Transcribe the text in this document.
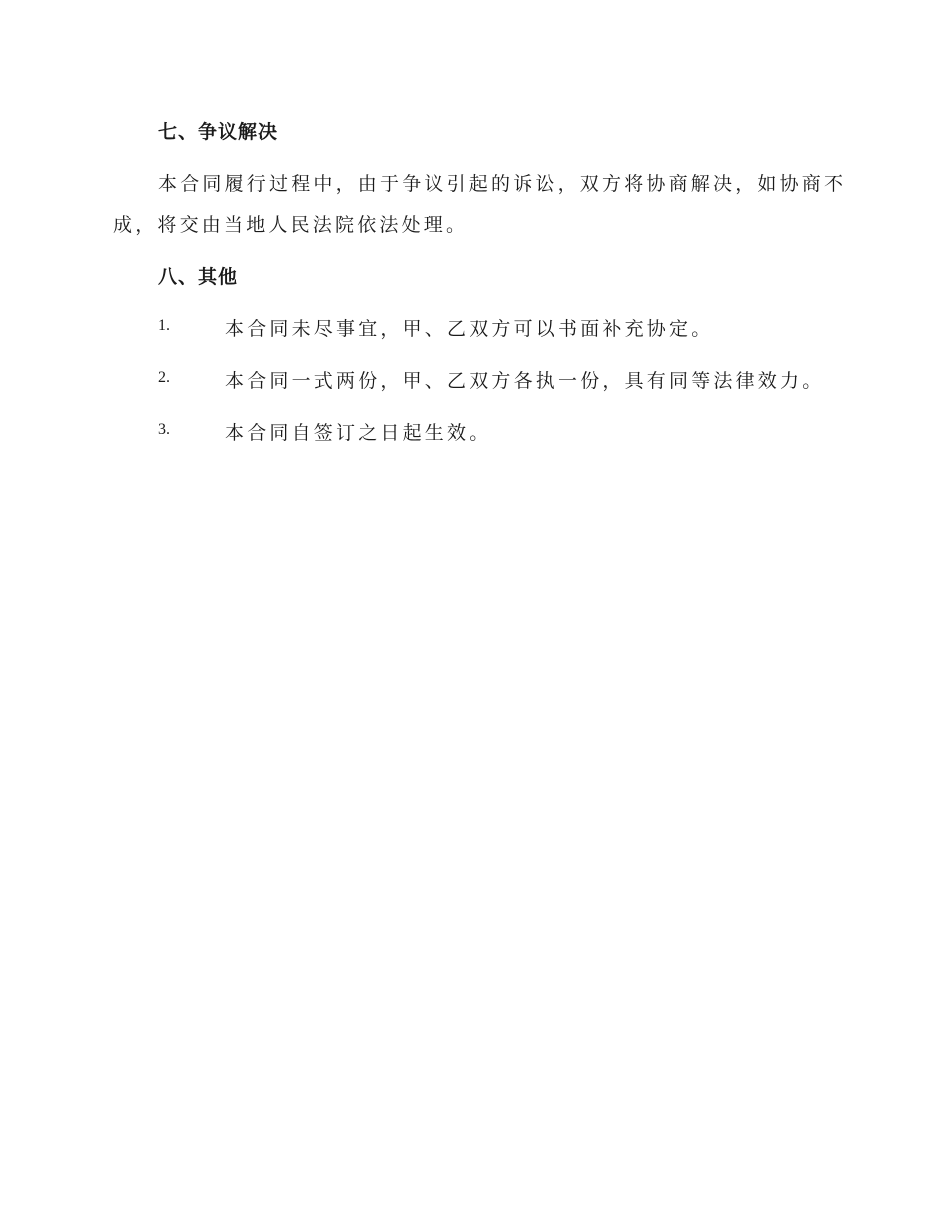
七、争议解决
本合同履行过程中，由于争议引起的诉讼，双方将协商解决，如协商不
成，将交由当地人民法院依法处理。
八、其他
1.	本合同未尽事宜，甲、乙双方可以书面补充协定。
2.	本合同一式两份，甲、乙双方各执一份，具有同等法律效力。
3.	本合同自签订之日起生效。
